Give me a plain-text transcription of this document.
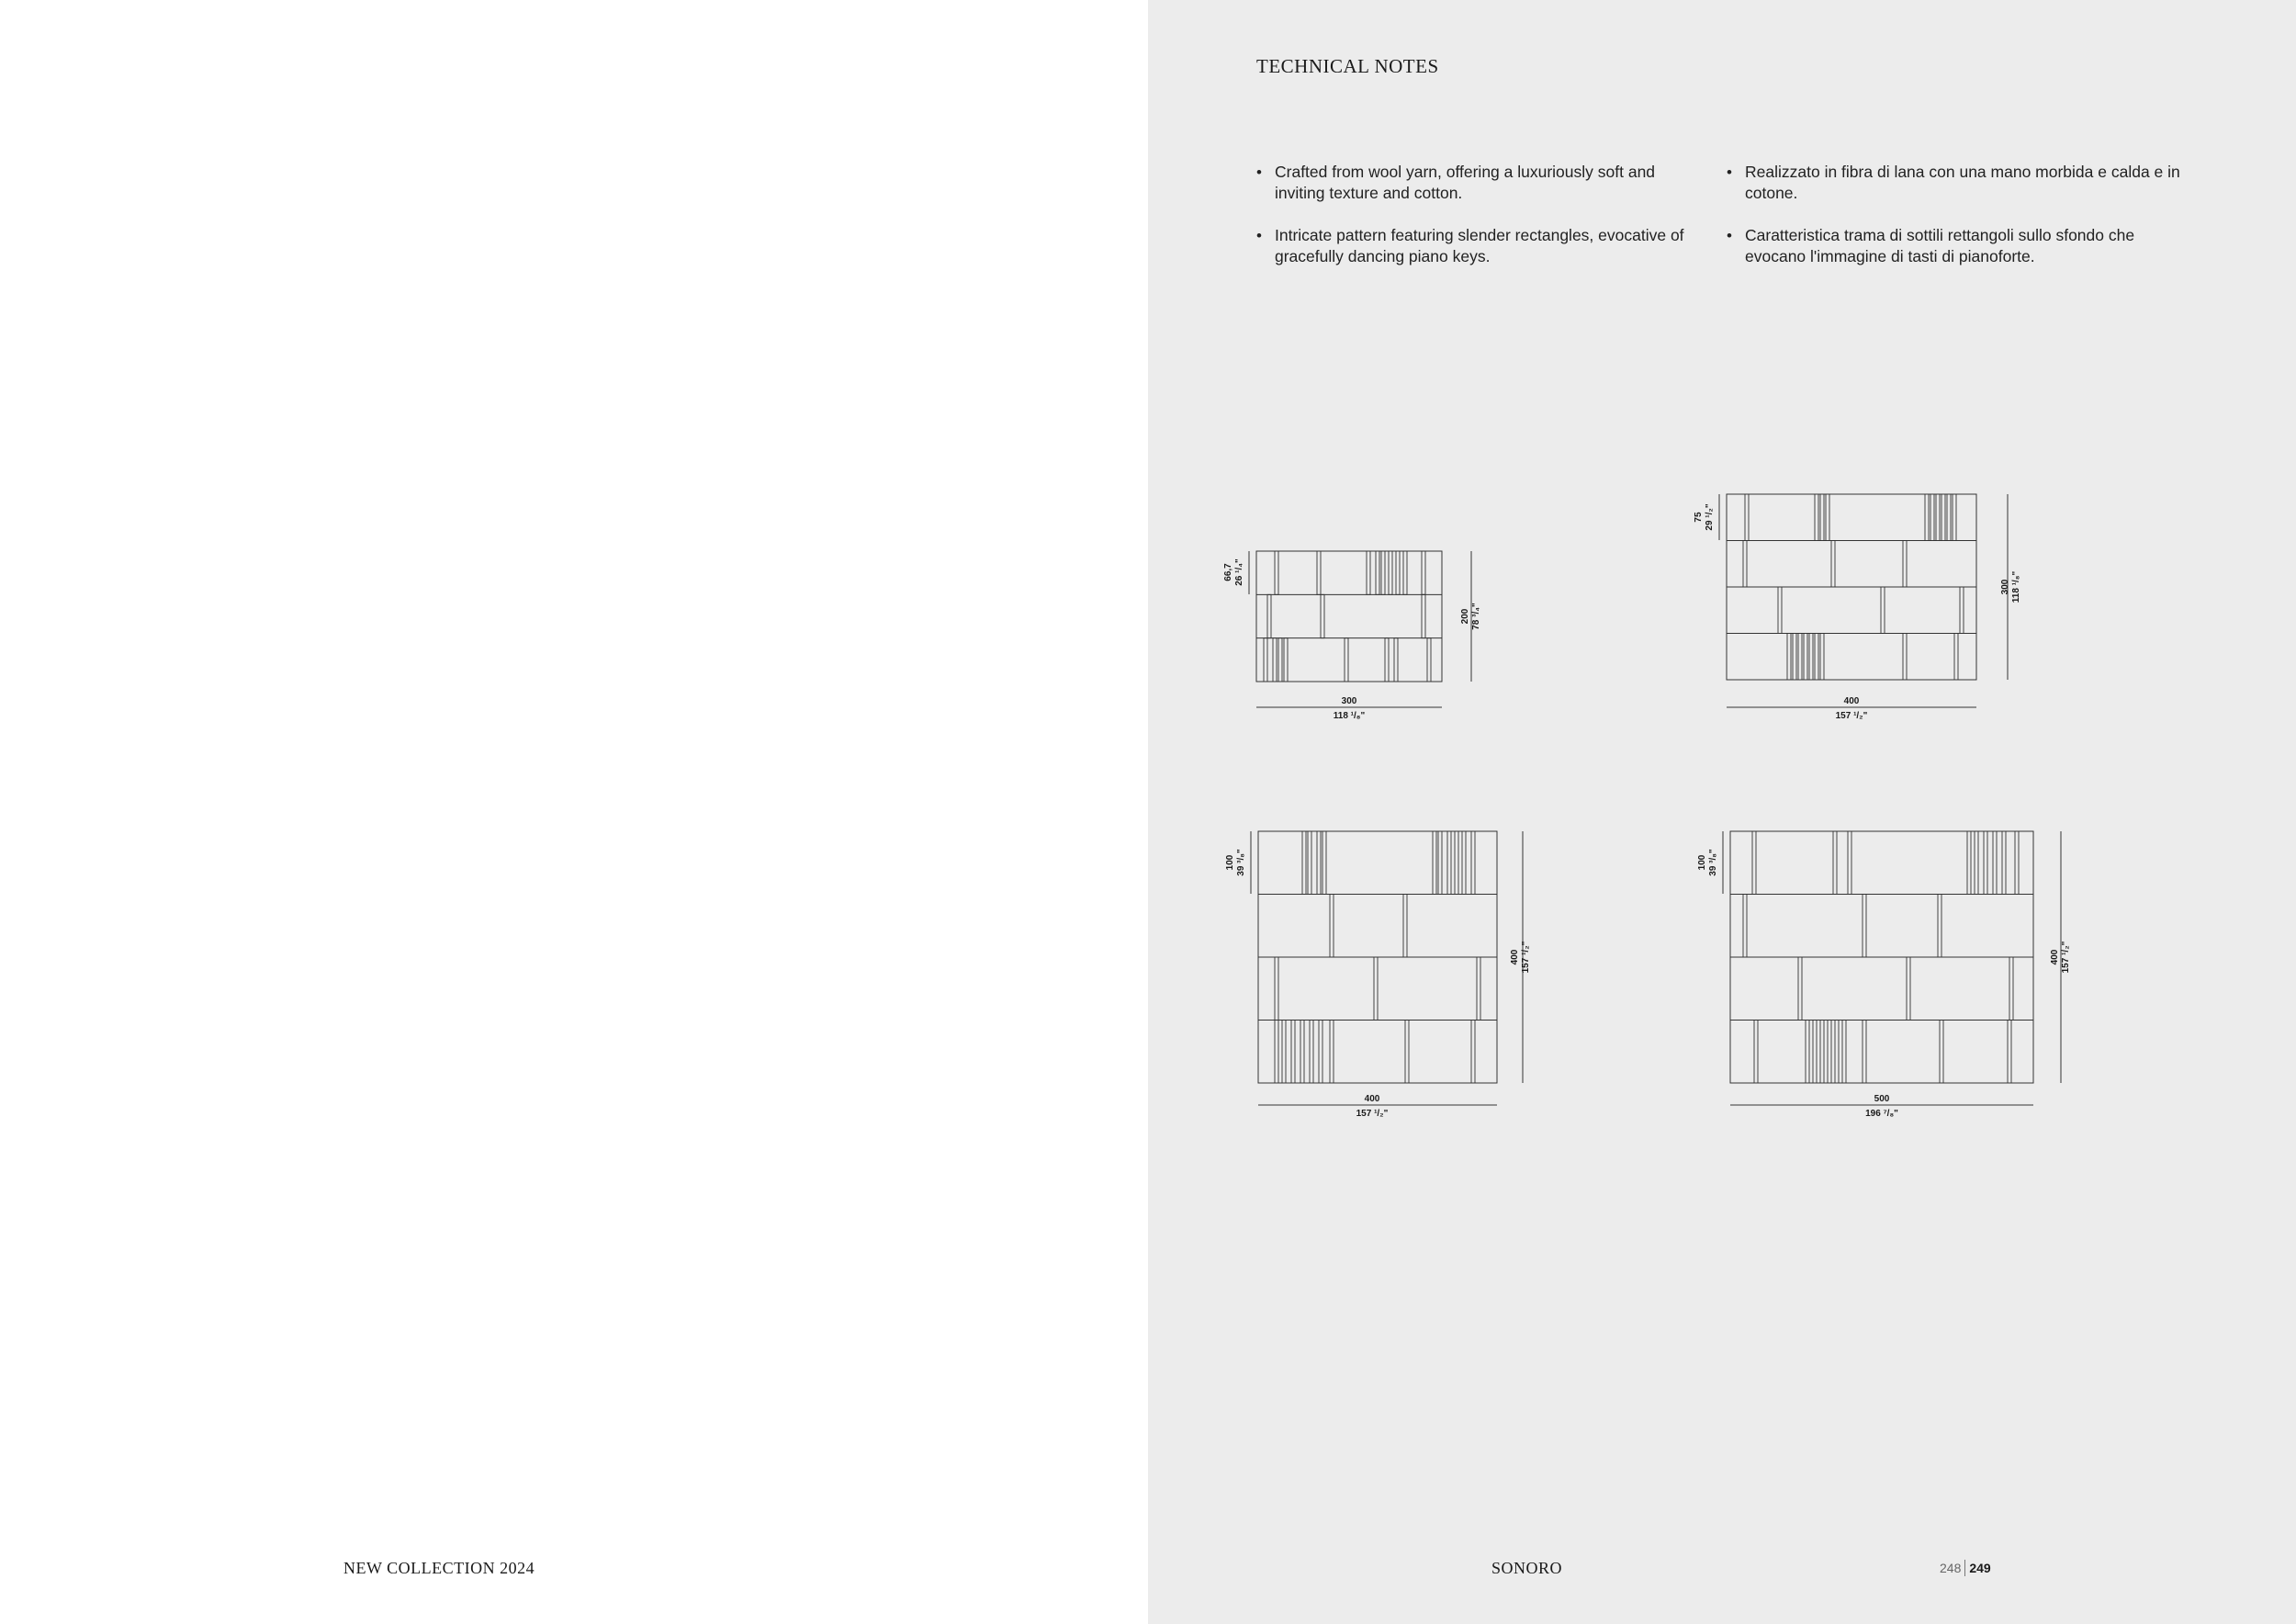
TECHNICAL NOTES
• Crafted from wool yarn, offering a luxuriously soft and inviting texture and cotton.
• Intricate pattern featuring slender rectangles, evocative of gracefully dancing piano keys.
• Realizzato in fibra di lana con una mano morbida e calda e in cotone.
• Caratteristica trama di sottili rettangoli sullo sfondo che evocano l'immagine di tasti di pianoforte.
66,7 26 ¹/₄"
200 78 ³/₄"
300
118 ¹/₈"
75 29 ¹/₂"
300 118 ¹/₈"
400
157 ¹/₂"
100 39 ³/₈"
400 157 ¹/₂"
400
157 ¹/₂"
100 39 ³/₈"
400 157 ¹/₂"
500
196 ⁷/₈"
NEW COLLECTION 2024	SONORO	248 249
